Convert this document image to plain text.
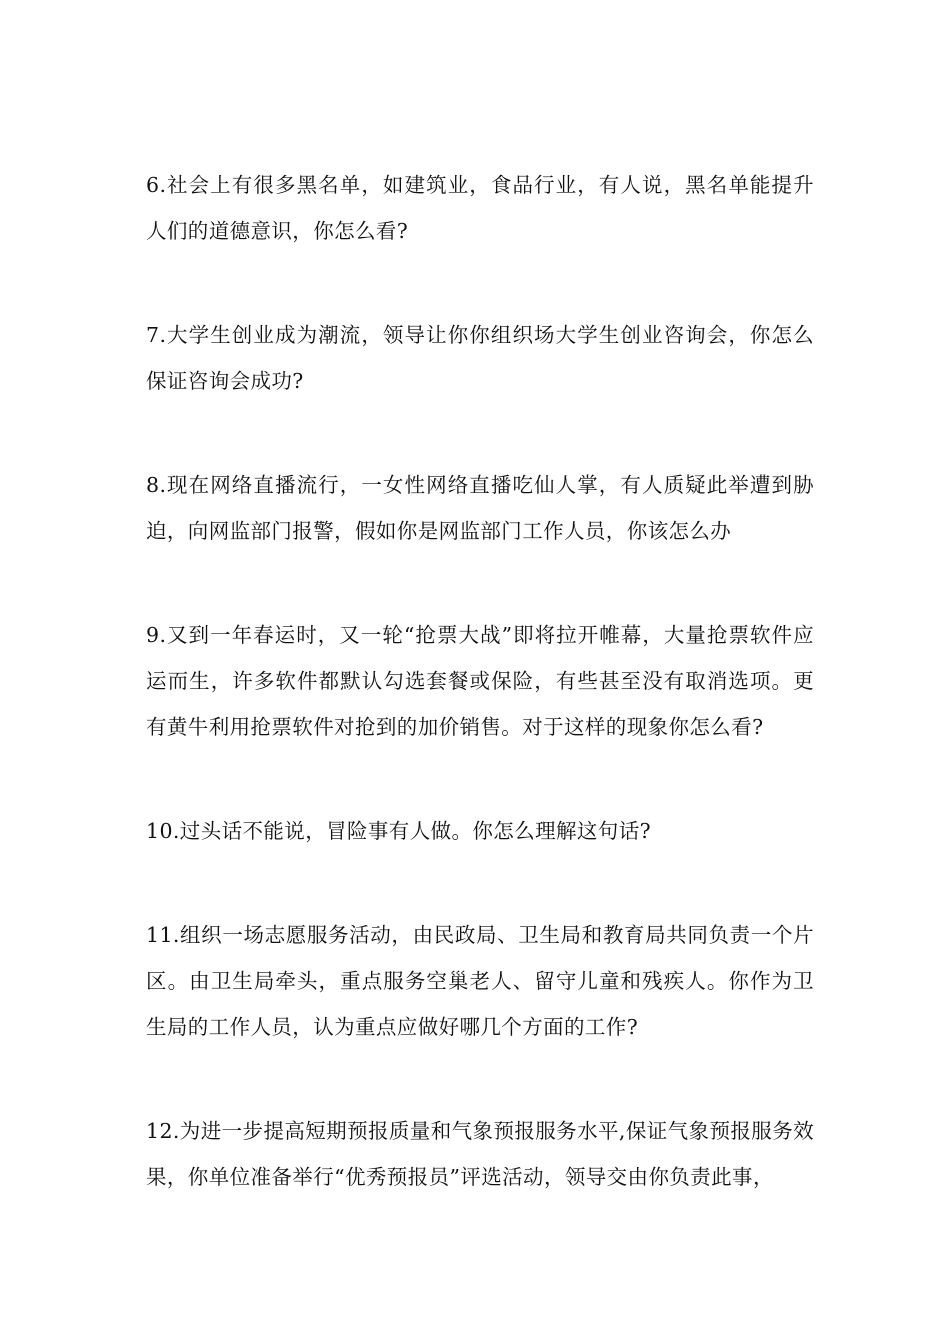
6.社会上有很多黑名单，如建筑业，食品行业，有人说，黑名单能提升人们的道德意识，你怎么看?

7.大学生创业成为潮流，领导让你你组织场大学生创业咨询会，你怎么保证咨询会成功?

8.现在网络直播流行，一女性网络直播吃仙人掌，有人质疑此举遭到胁迫，向网监部门报警，假如你是网监部门工作人员，你该怎么办

9.又到一年春运时，又一轮“抢票大战”即将拉开帷幕，大量抢票软件应运而生，许多软件都默认勾选套餐或保险，有些甚至没有取消选项。更有黄牛利用抢票软件对抢到的加价销售。对于这样的现象你怎么看?

10.过头话不能说，冒险事有人做。你怎么理解这句话?

11.组织一场志愿服务活动，由民政局、卫生局和教育局共同负责一个片区。由卫生局牵头，重点服务空巢老人、留守儿童和残疾人。你作为卫生局的工作人员，认为重点应做好哪几个方面的工作?

12.为进一步提高短期预报质量和气象预报服务水平,保证气象预报服务效果，你单位准备举行“优秀预报员”评选活动，领导交由你负责此事，
